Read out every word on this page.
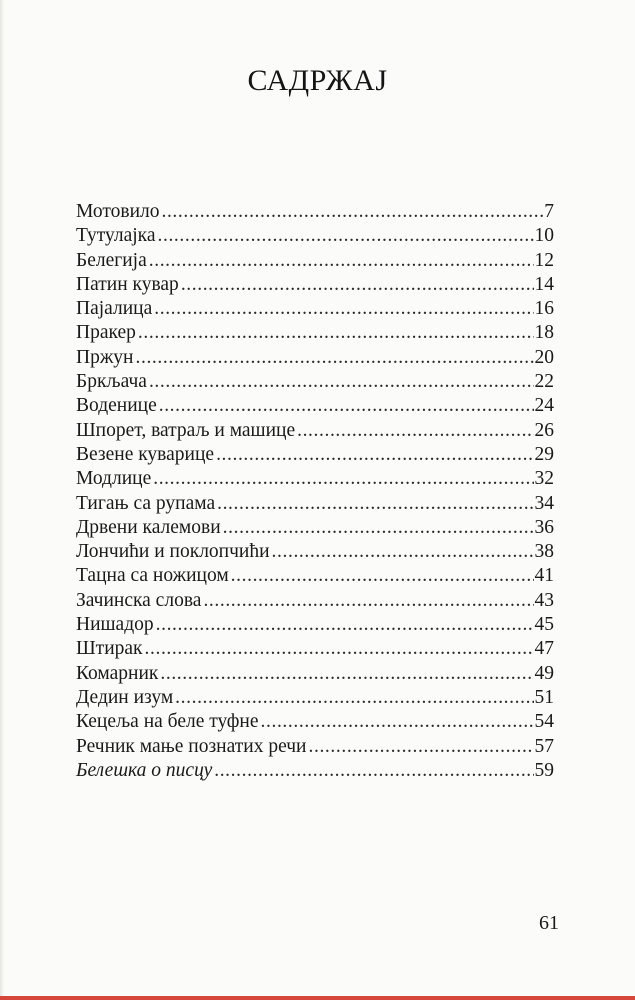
САДРЖАЈ
Мотовило .....	7
Тутулајка .....	10
Белегија .....	12
Патин кувар .....	14
Пајалица .....	16
Пракер .....	18
Пржун .....	20
Бркљача .....	22
Воденице .....	24
Шпорет, ватраљ и машице .....	26
Везене куварице .....	29
Модлице .....	32
Тигањ са рупама .....	34
Дрвени калемови .....	36
Лончићи и поклопчићи .....	38
Тацна са ножицом .....	41
Зачинска слова .....	43
Нишадор .....	45
Штирак .....	47
Комарник .....	49
Дедин изум .....	51
Кецеља на беле туфне .....	54
Речник мање познатих речи .....	57
Белешка о писцу .....	59
61
